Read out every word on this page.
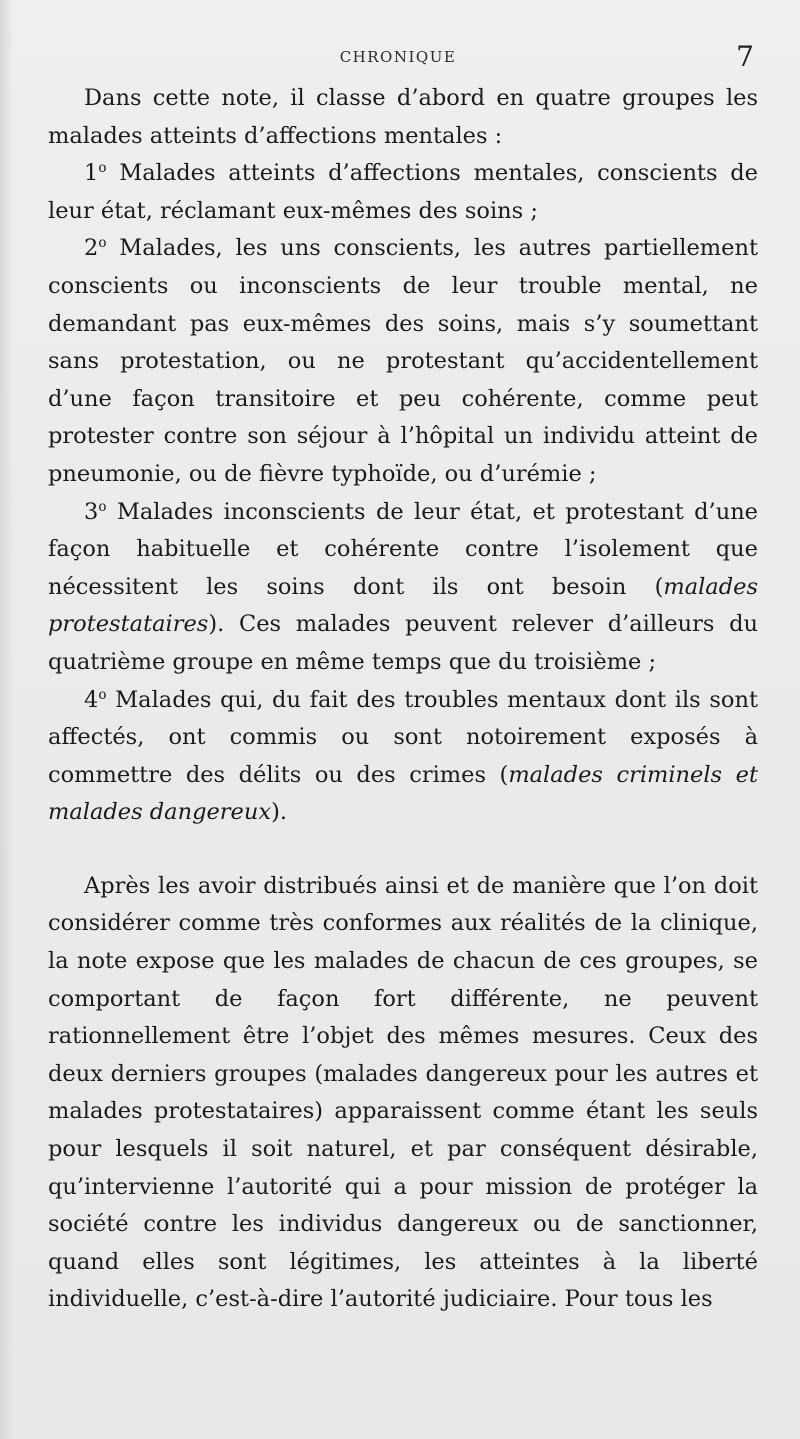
CHRONIQUE	7

Dans cette note, il classe d’abord en quatre groupes les malades atteints d’affections mentales :

1$^o$ Malades atteints d’affections mentales, conscients de leur état, réclamant eux-mêmes des soins ;

2$^o$ Malades, les uns conscients, les autres partiellement conscients ou inconscients de leur trouble mental, ne demandant pas eux-mêmes des soins, mais s’y soumettant sans protestation, ou ne protestant qu’accidentellement d’une façon transitoire et peu cohérente, comme peut protester contre son séjour à l’hôpital un individu atteint de pneumonie, ou de fièvre typhoïde, ou d’urémie ;

3$^o$ Malades inconscients de leur état, et protestant d’une façon habituelle et cohérente contre l’isolement que nécessitent les soins dont ils ont besoin (malades protestataires). Ces malades peuvent relever d’ailleurs du quatrième groupe en même temps que du troisième ;

4$^o$ Malades qui, du fait des troubles mentaux dont ils sont affectés, ont commis ou sont notoirement exposés à commettre des délits ou des crimes (malades criminels et malades dangereux).

Après les avoir distribués ainsi et de manière que l’on doit considérer comme très conformes aux réalités de la clinique, la note expose que les malades de chacun de ces groupes, se comportant de façon fort différente, ne peuvent rationnellement être l’objet des mêmes mesures. Ceux des deux derniers groupes (malades dangereux pour les autres et malades protestataires) apparaissent comme étant les seuls pour lesquels il soit naturel, et par conséquent désirable, qu’intervienne l’autorité qui a pour mission de protéger la société contre les individus dangereux ou de sanctionner, quand elles sont légitimes, les atteintes à la liberté individuelle, c’est-à-dire l’autorité judiciaire. Pour tous les
